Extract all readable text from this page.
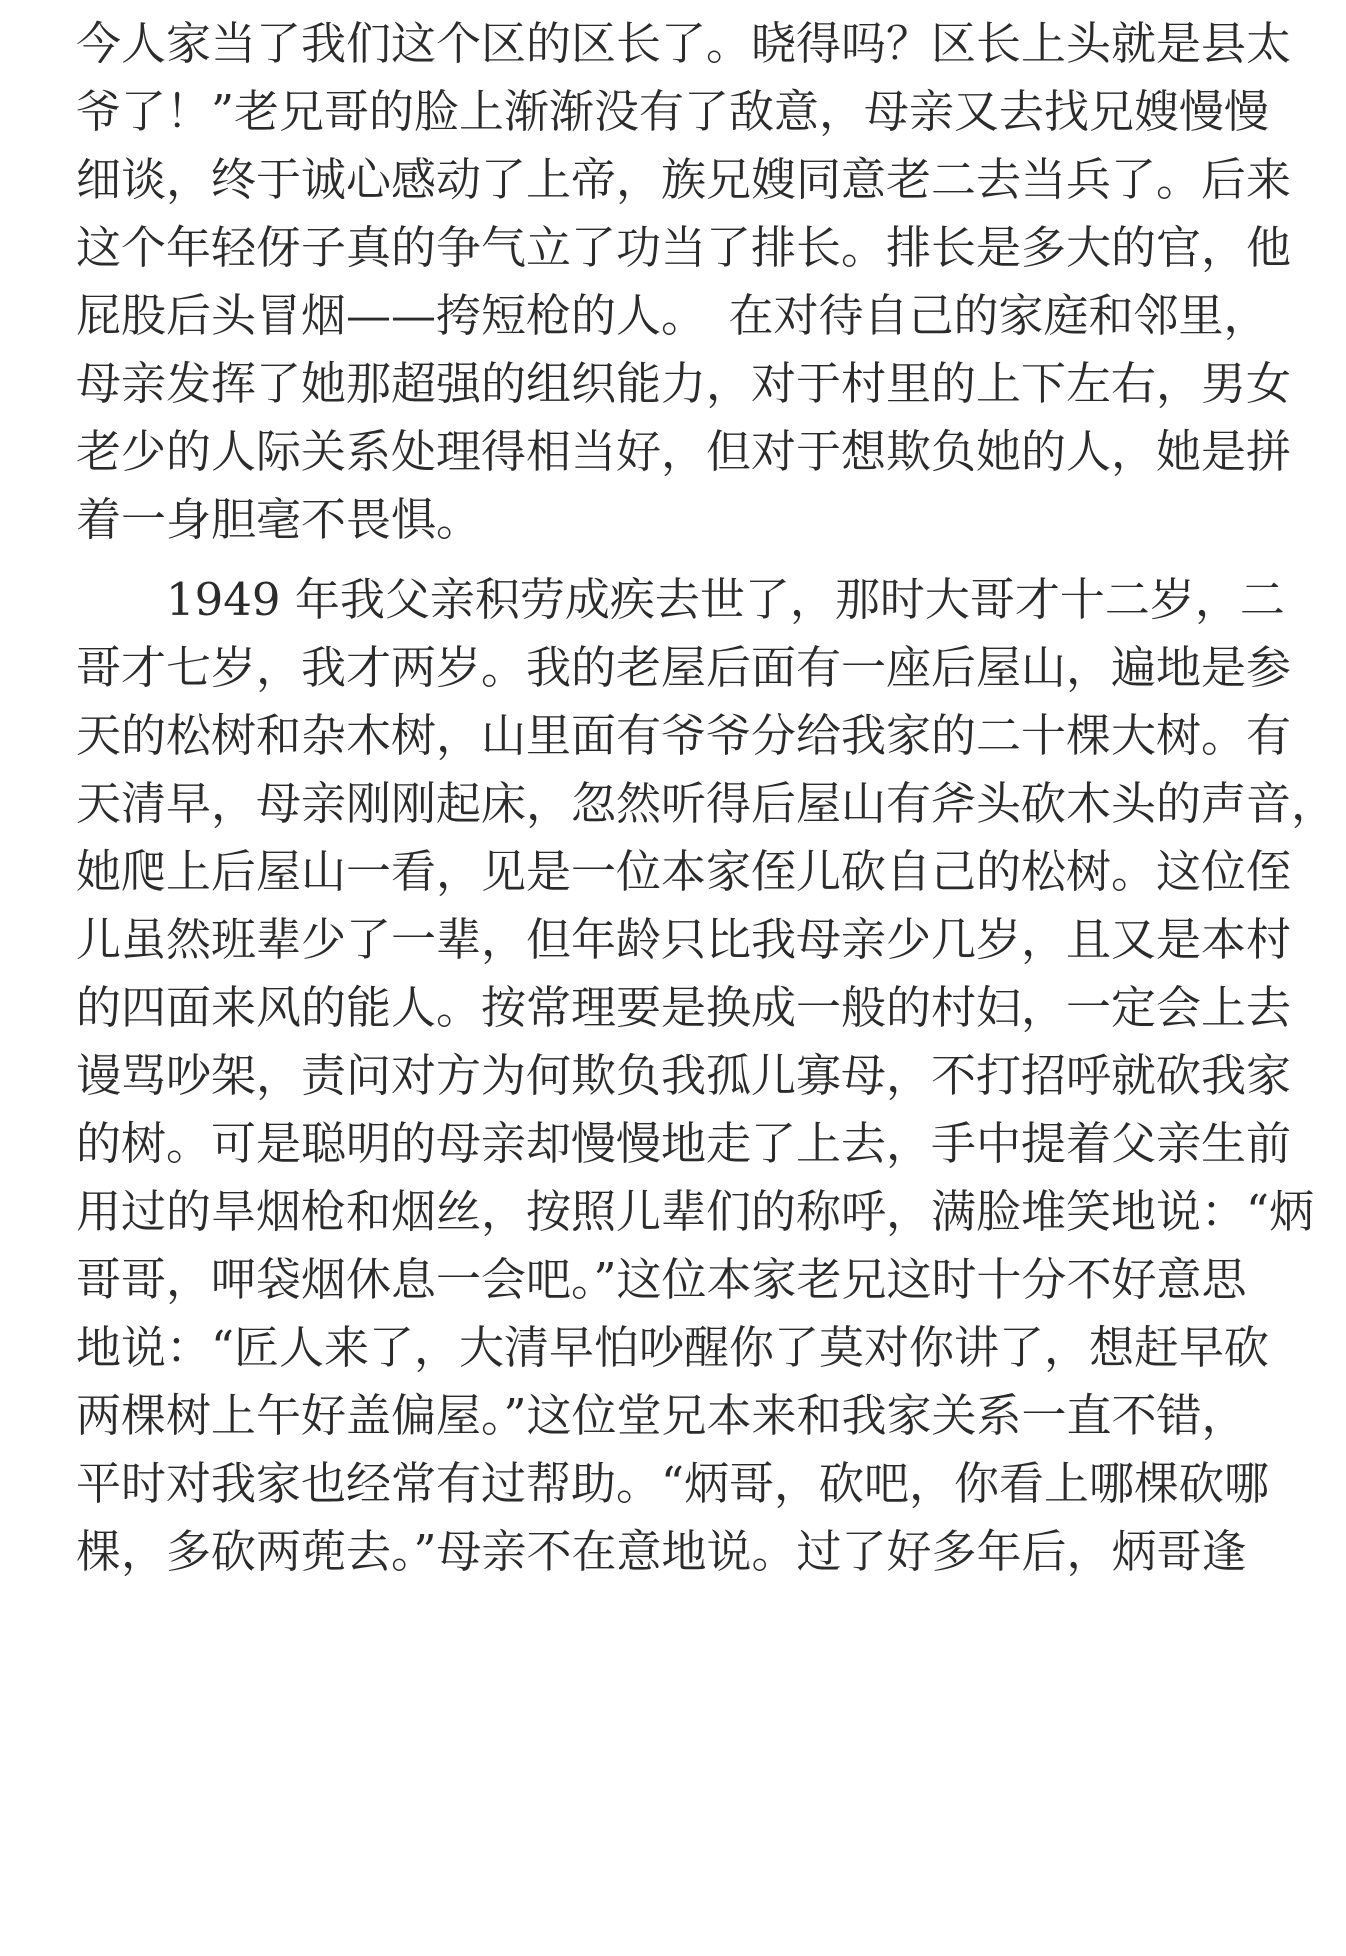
今人家当了我们这个区的区长了。晓得吗？区长上头就是县太
爷了！”老兄哥的脸上渐渐没有了敌意，母亲又去找兄嫂慢慢
细谈，终于诚心感动了上帝，族兄嫂同意老二去当兵了。后来
这个年轻伢子真的争气立了功当了排长。排长是多大的官，他
屁股后头冒烟——挎短枪的人。　在对待自己的家庭和邻里，
母亲发挥了她那超强的组织能力，对于村里的上下左右，男女
老少的人际关系处理得相当好，但对于想欺负她的人，她是拼
着一身胆毫不畏惧。
1949 年我父亲积劳成疾去世了，那时大哥才十二岁，二
哥才七岁，我才两岁。我的老屋后面有一座后屋山，遍地是参
天的松树和杂木树，山里面有爷爷分给我家的二十棵大树。有
天清早，母亲刚刚起床，忽然听得后屋山有斧头砍木头的声音，
她爬上后屋山一看，见是一位本家侄儿砍自己的松树。这位侄
儿虽然班辈少了一辈，但年龄只比我母亲少几岁，且又是本村
的四面来风的能人。按常理要是换成一般的村妇，一定会上去
谩骂吵架，责问对方为何欺负我孤儿寡母，不打招呼就砍我家
的树。可是聪明的母亲却慢慢地走了上去，手中提着父亲生前
用过的旱烟枪和烟丝，按照儿辈们的称呼，满脸堆笑地说：“炳
哥哥，呷袋烟休息一会吧。”这位本家老兄这时十分不好意思
地说：“匠人来了，大清早怕吵醒你了莫对你讲了，想赶早砍
两棵树上午好盖偏屋。”这位堂兄本来和我家关系一直不错，
平时对我家也经常有过帮助。“炳哥，砍吧，你看上哪棵砍哪
棵，多砍两蔸去。”母亲不在意地说。过了好多年后，炳哥逢
